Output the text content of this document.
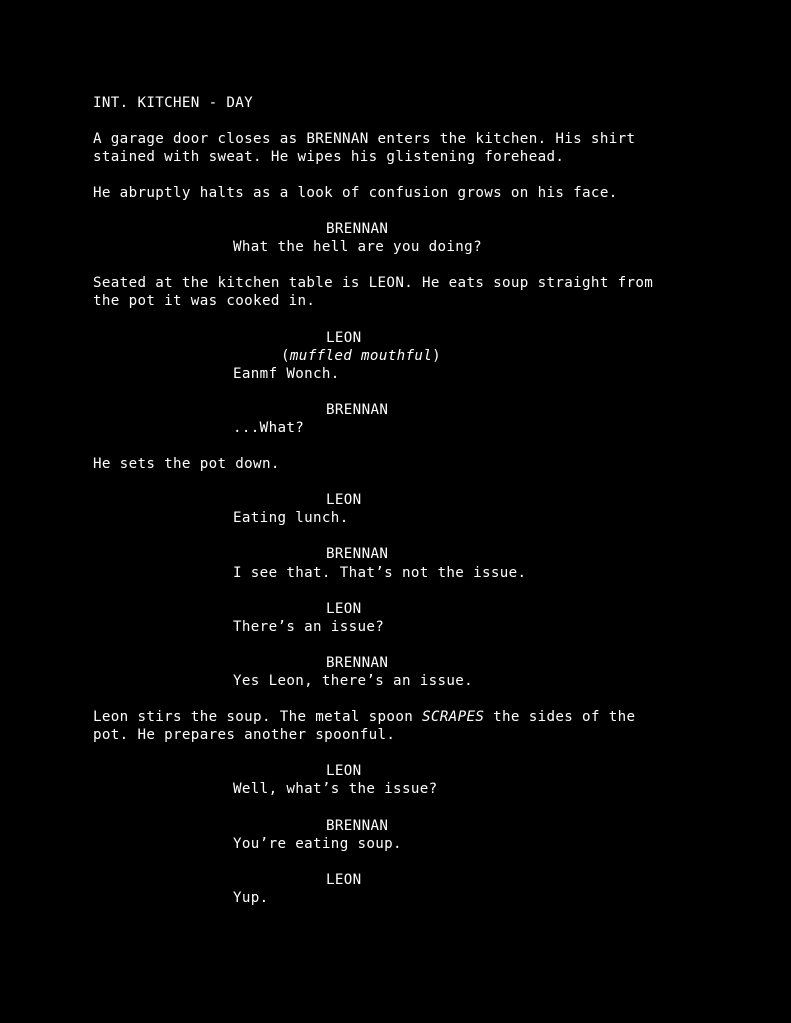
INT. KITCHEN - DAY
A garage door closes as BRENNAN enters the kitchen. His shirt
stained with sweat. He wipes his glistening forehead.
He abruptly halts as a look of confusion grows on his face.
BRENNAN
What the hell are you doing?
Seated at the kitchen table is LEON. He eats soup straight from
the pot it was cooked in.
LEON
(muffled mouthful)
Eanmf Wonch.
BRENNAN
...What?
He sets the pot down.
LEON
Eating lunch.
BRENNAN
I see that. That’s not the issue.
LEON
There’s an issue?
BRENNAN
Yes Leon, there’s an issue.
Leon stirs the soup. The metal spoon SCRAPES the sides of the
pot. He prepares another spoonful.
LEON
Well, what’s the issue?
BRENNAN
You’re eating soup.
LEON
Yup.
